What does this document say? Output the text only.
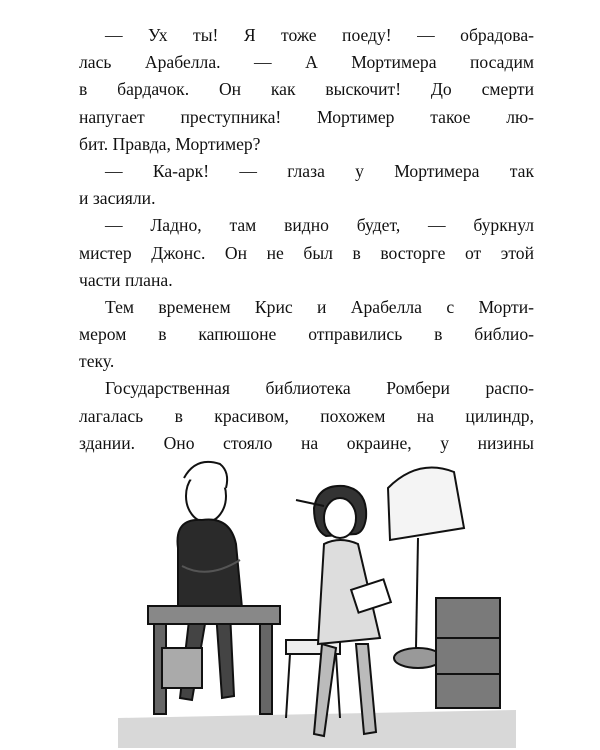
— Ух ты! Я тоже поеду! — обрадова-
лась Арабелла. — А Мортимера посадим
в бардачок. Он как выскочит! До смерти
напугает преступника! Мортимер такое лю-
бит. Правда, Мортимер?
— Ка-арк! — глаза у Мортимера так
и засияли.
— Ладно, там видно будет, — буркнул
мистер Джонс. Он не был в восторге от этой
части плана.
Тем временем Крис и Арабелла с Морти-
мером в капюшоне отправились в библио-
теку.
Государственная библиотека Ромбери распо-
лагалась в красивом, похожем на цилиндр,
здании. Оно стояло на окраине, у низины
